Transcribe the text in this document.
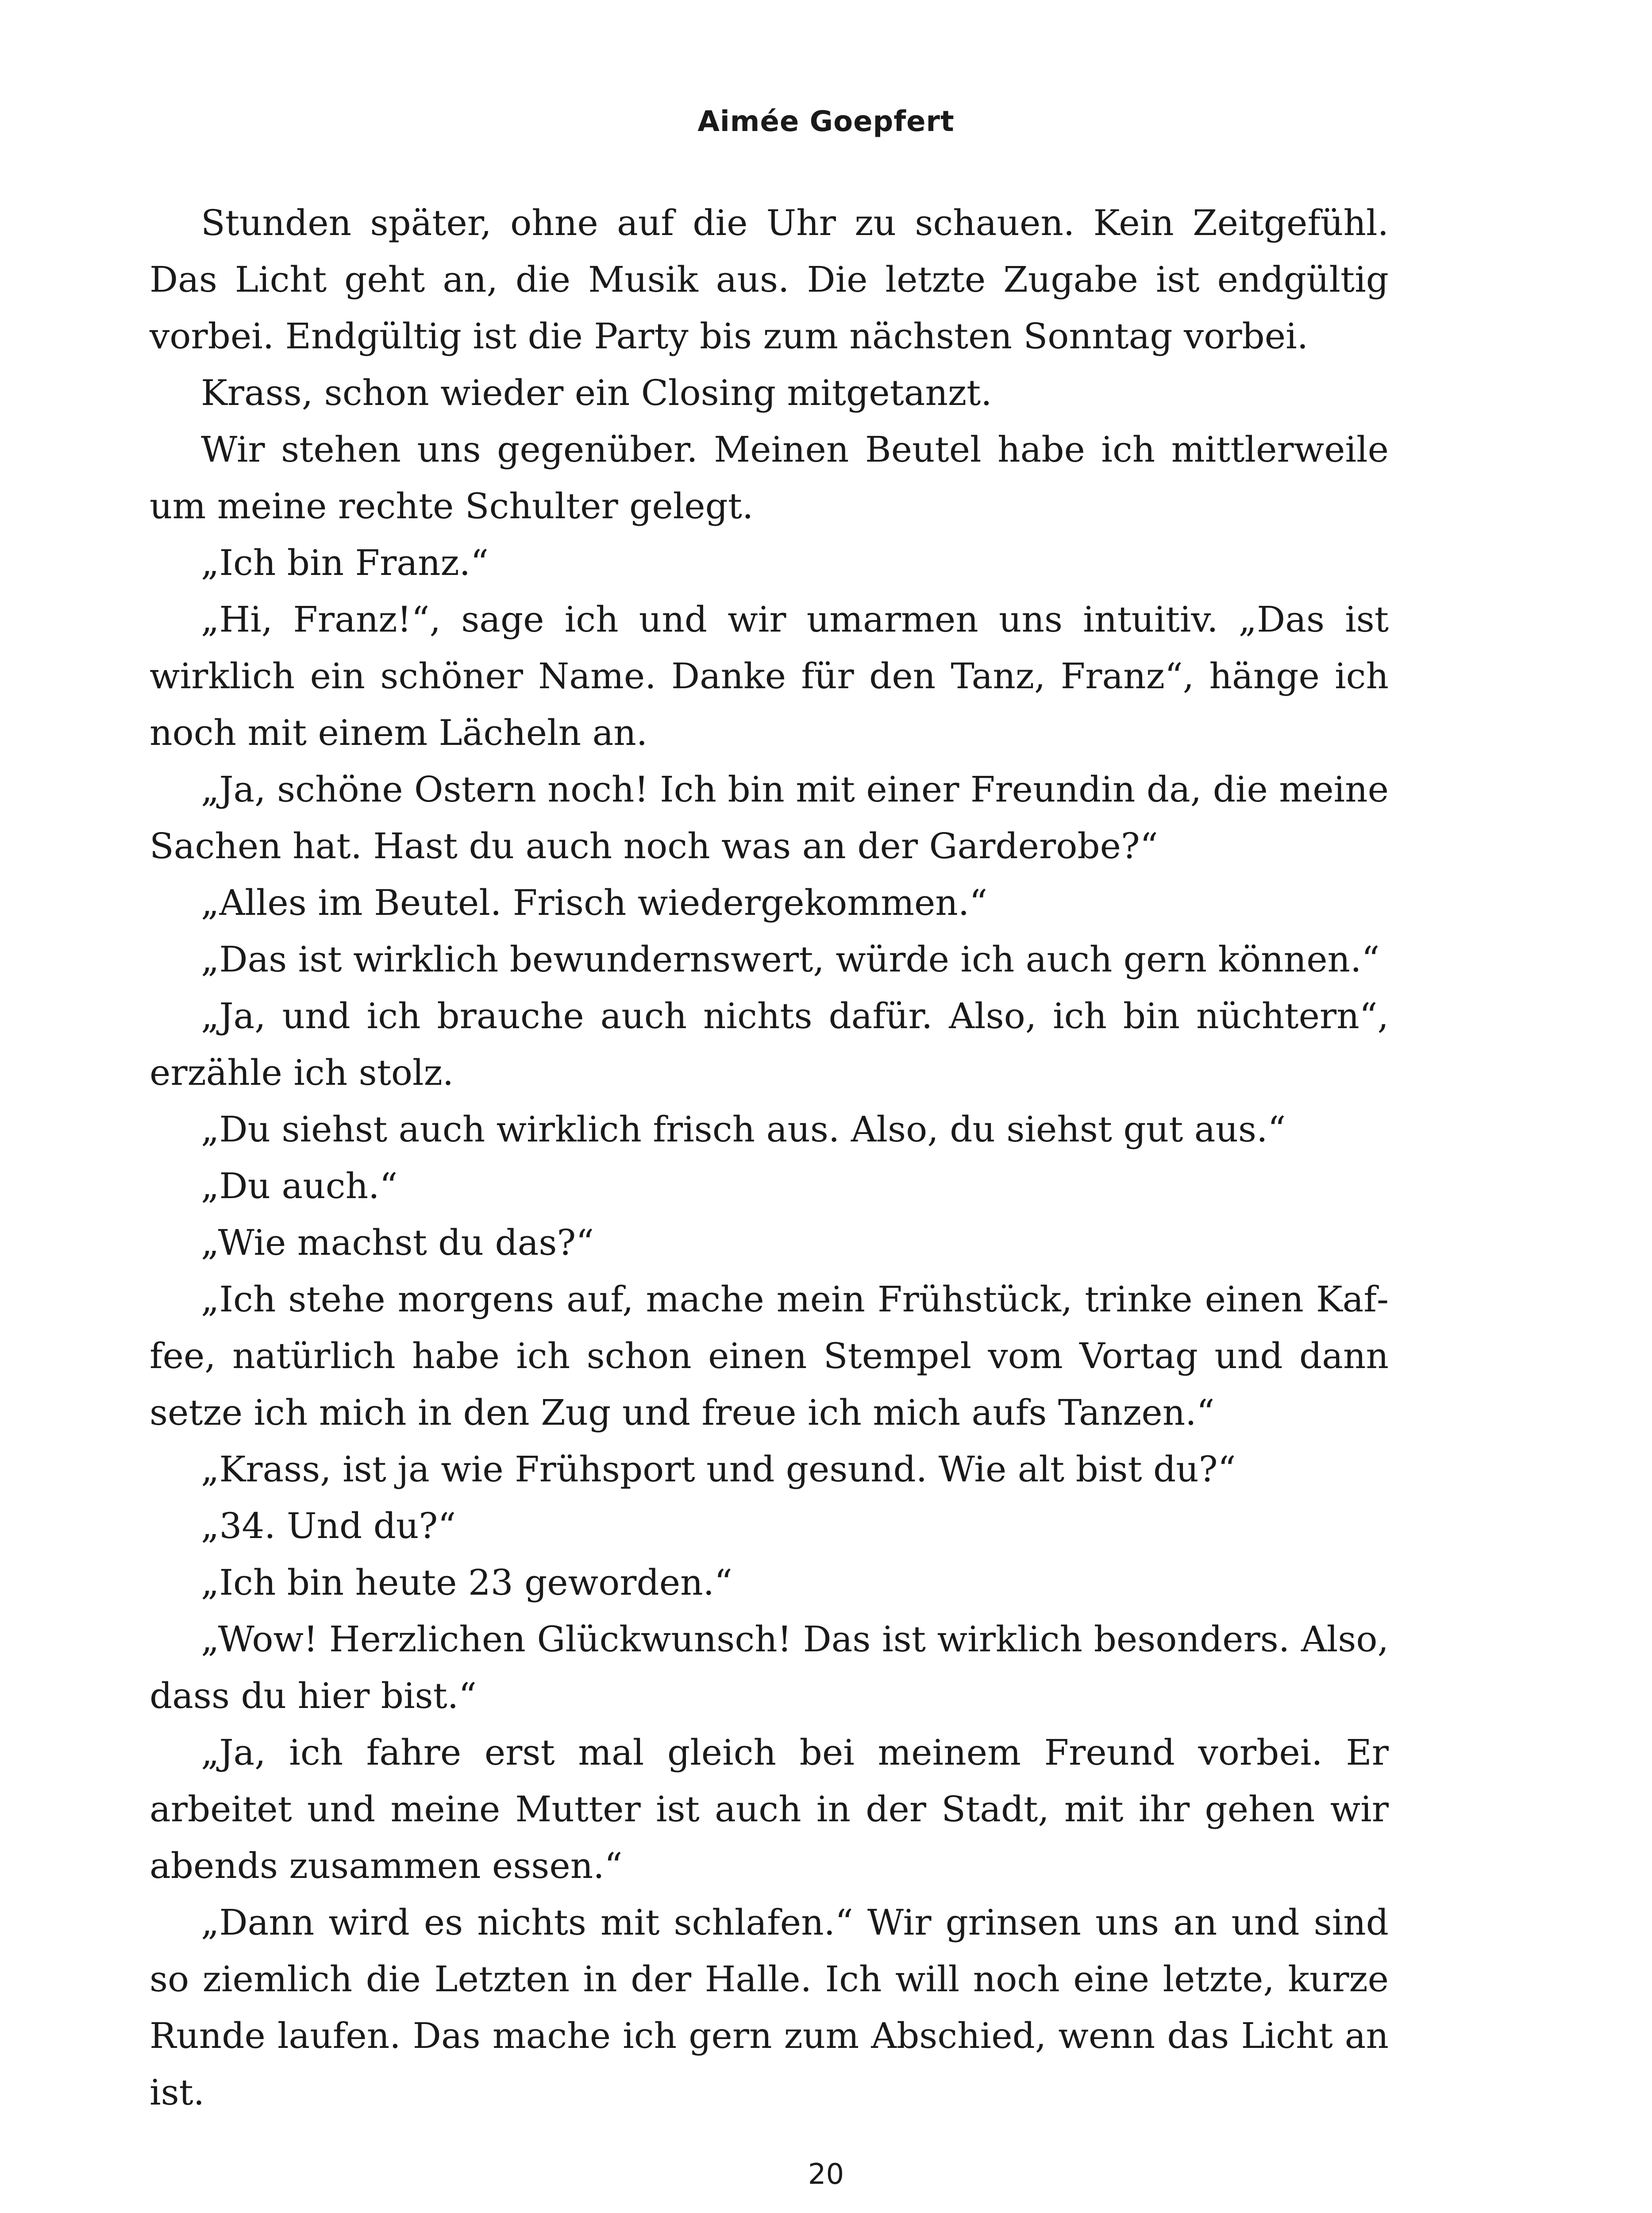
Aimée Goepfert

Stunden später, ohne auf die Uhr zu schauen. Kein Zeitgefühl. Das Licht geht an, die Musik aus. Die letzte Zugabe ist endgültig vorbei. Endgültig ist die Party bis zum nächsten Sonntag vorbei.

Krass, schon wieder ein Closing mitgetanzt.

Wir stehen uns gegenüber. Meinen Beutel habe ich mittlerweile um meine rechte Schulter gelegt.

„Ich bin Franz.“

„Hi, Franz!“, sage ich und wir umarmen uns intuitiv. „Das ist wirklich ein schöner Name. Danke für den Tanz, Franz“, hänge ich noch mit einem Lächeln an.

„Ja, schöne Ostern noch! Ich bin mit einer Freundin da, die meine Sachen hat. Hast du auch noch was an der Garderobe?“

„Alles im Beutel. Frisch wiedergekommen.“

„Das ist wirklich bewundernswert, würde ich auch gern können.“

„Ja, und ich brauche auch nichts dafür. Also, ich bin nüchtern“, erzähle ich stolz.

„Du siehst auch wirklich frisch aus. Also, du siehst gut aus.“

„Du auch.“

„Wie machst du das?“

„Ich stehe morgens auf, mache mein Frühstück, trinke einen Kaffee, natürlich habe ich schon einen Stempel vom Vortag und dann setze ich mich in den Zug und freue ich mich aufs Tanzen.“

„Krass, ist ja wie Frühsport und gesund. Wie alt bist du?“

„34. Und du?“

„Ich bin heute 23 geworden.“

„Wow! Herzlichen Glückwunsch! Das ist wirklich besonders. Also, dass du hier bist.“

„Ja, ich fahre erst mal gleich bei meinem Freund vorbei. Er arbeitet und meine Mutter ist auch in der Stadt, mit ihr gehen wir abends zusammen essen.“

„Dann wird es nichts mit schlafen.“ Wir grinsen uns an und sind so ziemlich die Letzten in der Halle. Ich will noch eine letzte, kurze Runde laufen. Das mache ich gern zum Abschied, wenn das Licht an ist.

20
